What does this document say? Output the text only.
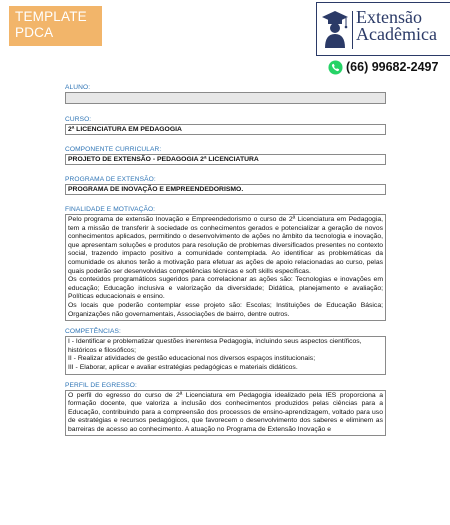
TEMPLATE
PDCA
Extensão
Acadêmica
(66) 99682-2497
ALUNO:
CURSO:
2ª LICENCIATURA EM PEDAGOGIA
COMPONENTE CURRICULAR:
PROJETO DE EXTENSÃO - PEDAGOGIA 2ª LICENCIATURA
PROGRAMA DE EXTENSÃO:
PROGRAMA DE INOVAÇÃO E EMPREENDEDORISMO.
FINALIDADE E MOTIVAÇÃO:

Pelo programa de extensão Inovação e Empreendedorismo o curso de 2ª Licenciatura em Pedagogia, tem a missão de transferir à sociedade os conhecimentos gerados e potencializar a geração de novos conhecimentos aplicados, permitindo o desenvolvimento de ações no âmbito da tecnologia e inovação, que apresentam soluções e produtos para resolução de problemas diversificados presentes no contexto social, trazendo impacto positivo a comunidade contemplada. Ao identificar as problemáticas da comunidade os alunos terão a motivação para efetuar as ações de apoio relacionadas ao curso, pelas quais poderão ser desenvolvidas competências técnicas e soft skills específicas.

Os conteúdos programáticos sugeridos para correlacionar as ações são: Tecnologias e inovações em educação; Educação inclusiva e valorização da diversidade; Didática, planejamento e avaliação; Políticas educacionais e ensino.

Os locais que poderão contemplar esse projeto são: Escolas; Instituições de Educação Básica; Organizações não governamentais, Associações de bairro, dentre outros.

COMPETÊNCIAS:

I - Identificar e problematizar questões inerentesa Pedagogia, incluindo seus aspectos científicos, históricos e filosóficos;

II - Realizar atividades de gestão educacional nos diversos espaços institucionais;

III - Elaborar, aplicar e avaliar estratégias pedagógicas e materiais didáticos.

PERFIL DE EGRESSO:

O perfil do egresso do curso de 2ª Licenciatura em Pedagogia idealizado pela IES proporciona a formação docente, que valoriza a inclusão dos conhecimentos produzidos pelas ciências para a Educação, contribuindo para a compreensão dos processos de ensino-aprendizagem, voltado para uso de estratégias e recursos pedagógicos, que favorecem o desenvolvimento dos saberes e eliminem as barreiras de acesso ao conhecimento. A atuação no Programa de Extensão Inovação e
